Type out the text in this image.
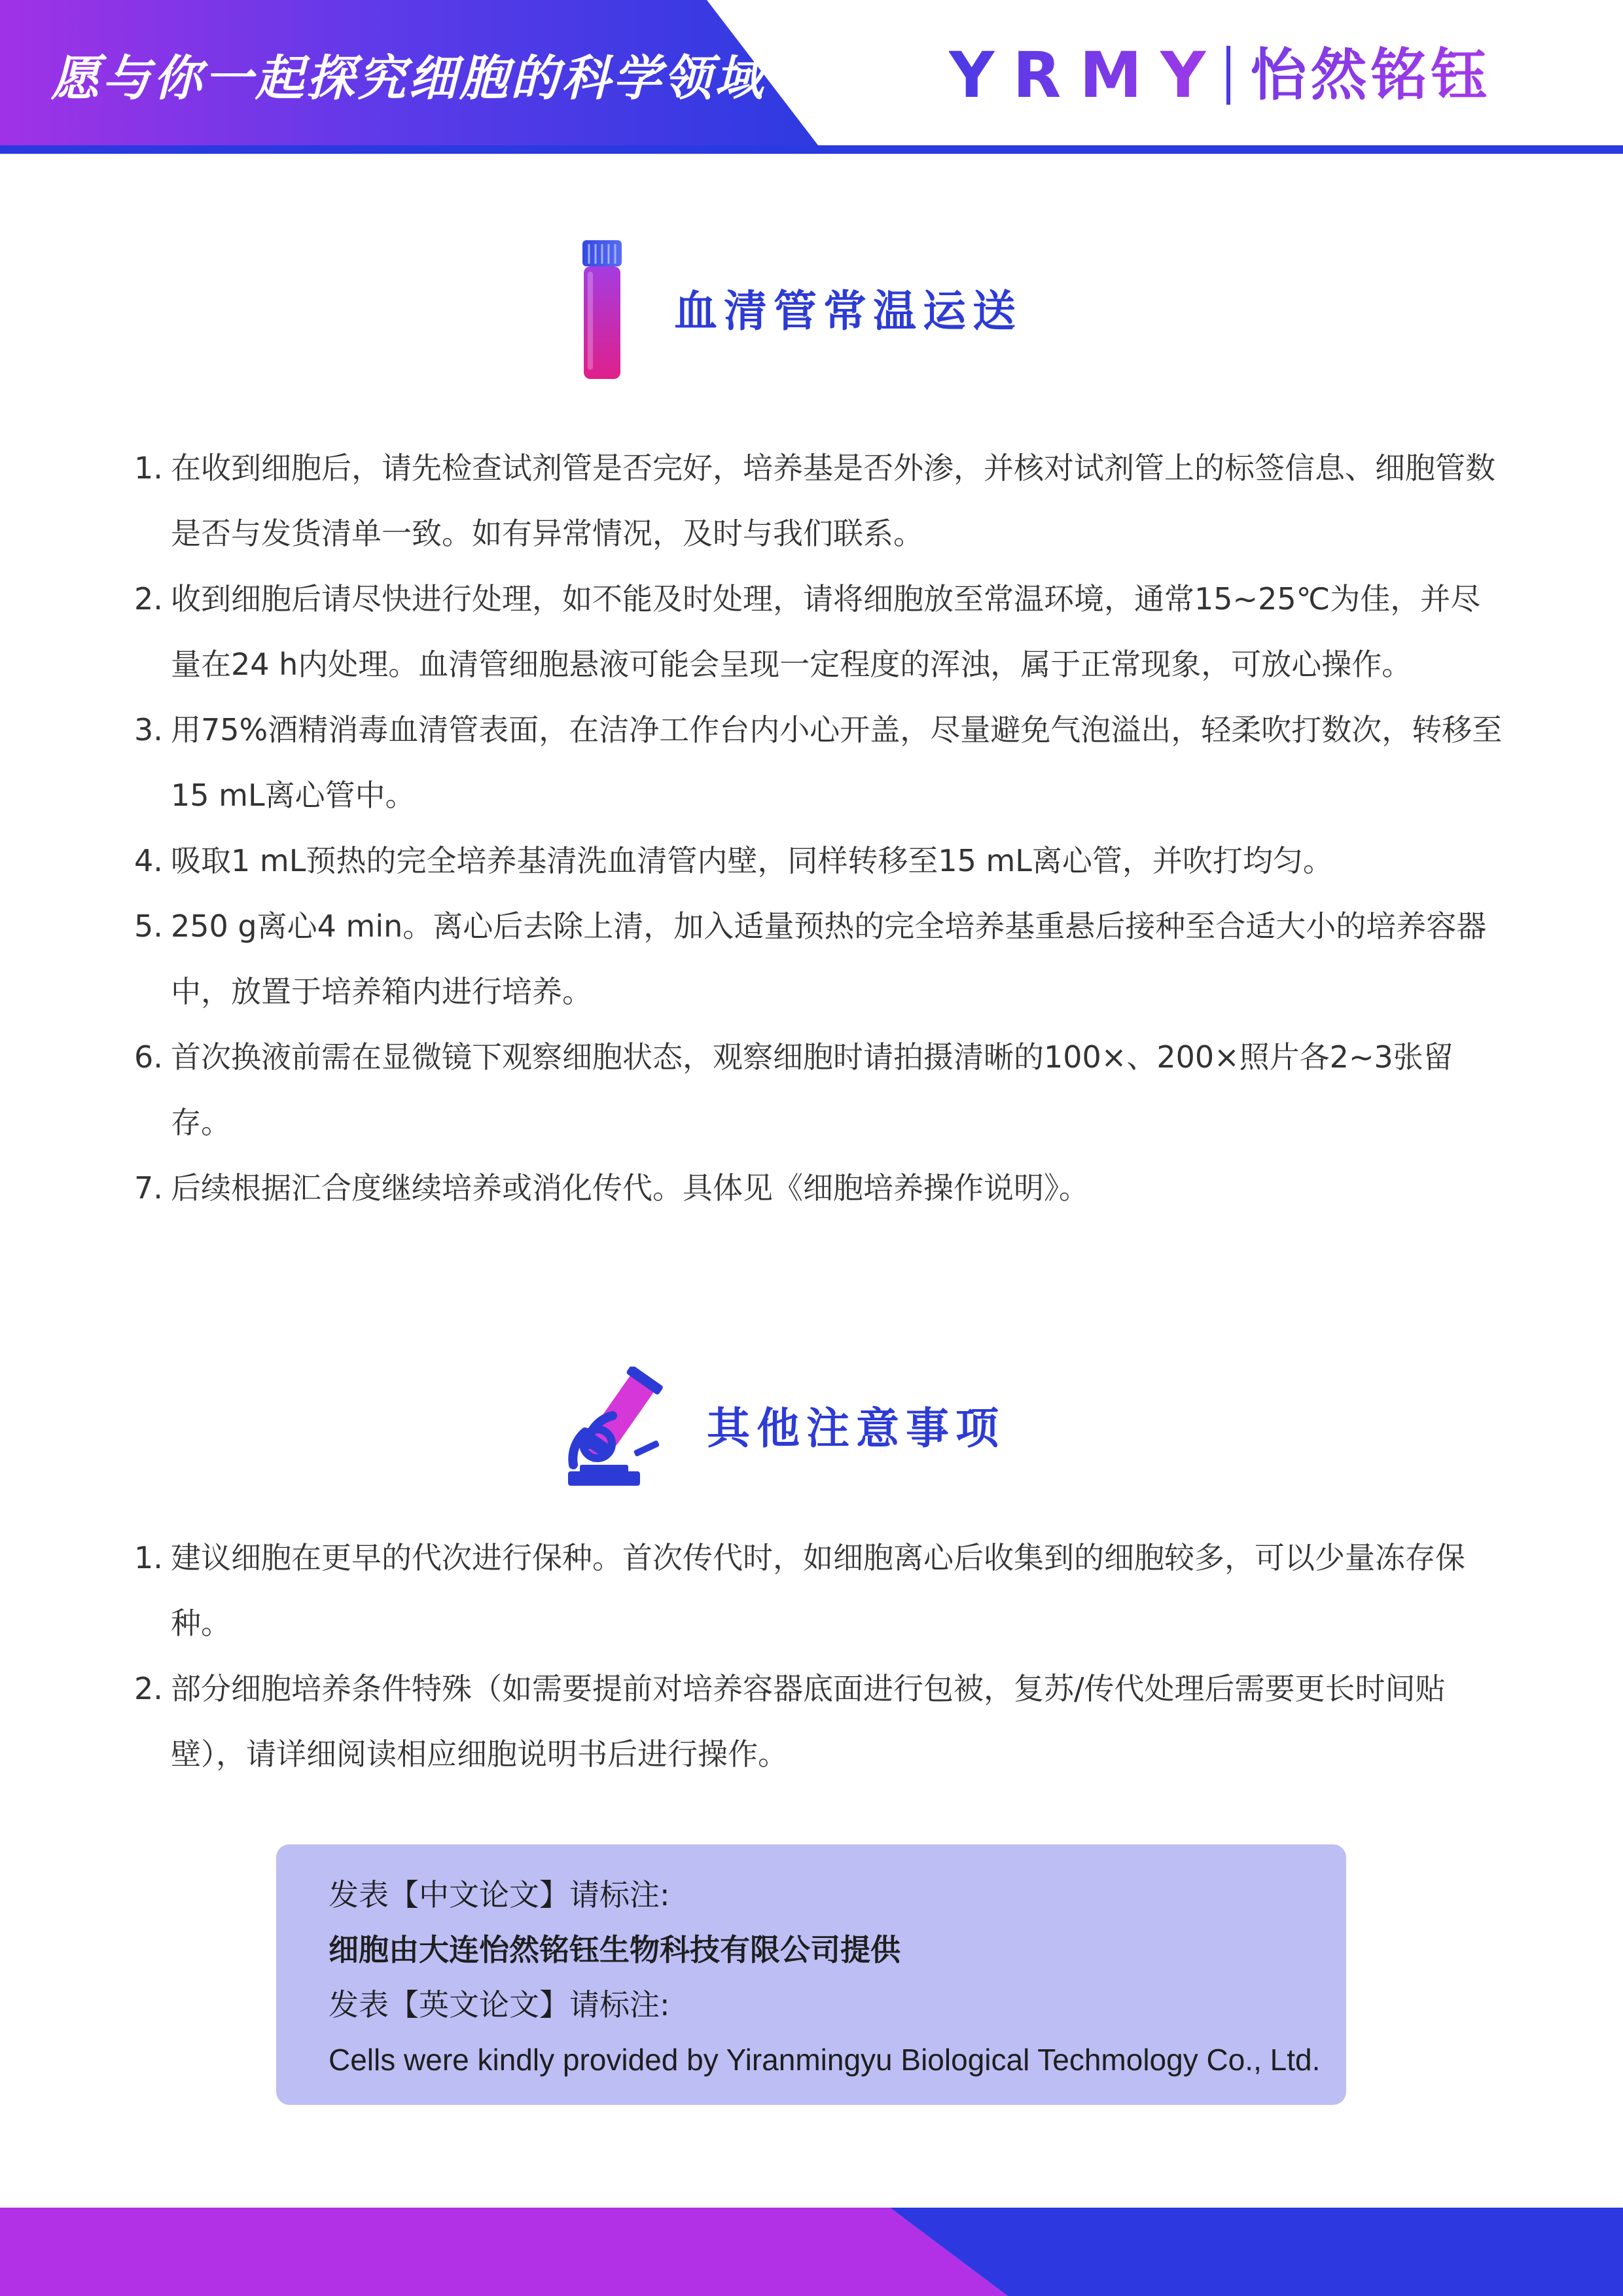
愿与你一起探究细胞的科学领域	YRMY 怡然铭钰
血清管常温运送
1. 在收到细胞后，请先检查试剂管是否完好，培养基是否外渗，并核对试剂管上的标签信息、细胞管数是否与发货清单一致。如有异常情况，及时与我们联系。
2. 收到细胞后请尽快进行处理，如不能及时处理，请将细胞放至常温环境，通常15~25℃为佳，并尽量在24 h内处理。血清管细胞悬液可能会呈现一定程度的浑浊，属于正常现象，可放心操作。
3. 用75%酒精消毒血清管表面，在洁净工作台内小心开盖，尽量避免气泡溢出，轻柔吹打数次，转移至15 mL离心管中。
4. 吸取1 mL预热的完全培养基清洗血清管内壁，同样转移至15 mL离心管，并吹打均匀。
5. 250 g离心4 min。离心后去除上清，加入适量预热的完全培养基重悬后接种至合适大小的培养容器中，放置于培养箱内进行培养。
6. 首次换液前需在显微镜下观察细胞状态，观察细胞时请拍摄清晰的100×、200×照片各2~3张留存。
7. 后续根据汇合度继续培养或消化传代。具体见《细胞培养操作说明》。
其他注意事项
1. 建议细胞在更早的代次进行保种。首次传代时，如细胞离心后收集到的细胞较多，可以少量冻存保种。
2. 部分细胞培养条件特殊（如需要提前对培养容器底面进行包被，复苏/传代处理后需要更长时间贴壁），请详细阅读相应细胞说明书后进行操作。
发表【中文论文】请标注:
细胞由大连怡然铭钰生物科技有限公司提供
发表【英文论文】请标注:
Cells were kindly provided by Yiranmingyu Biological Techmology Co., Ltd.
